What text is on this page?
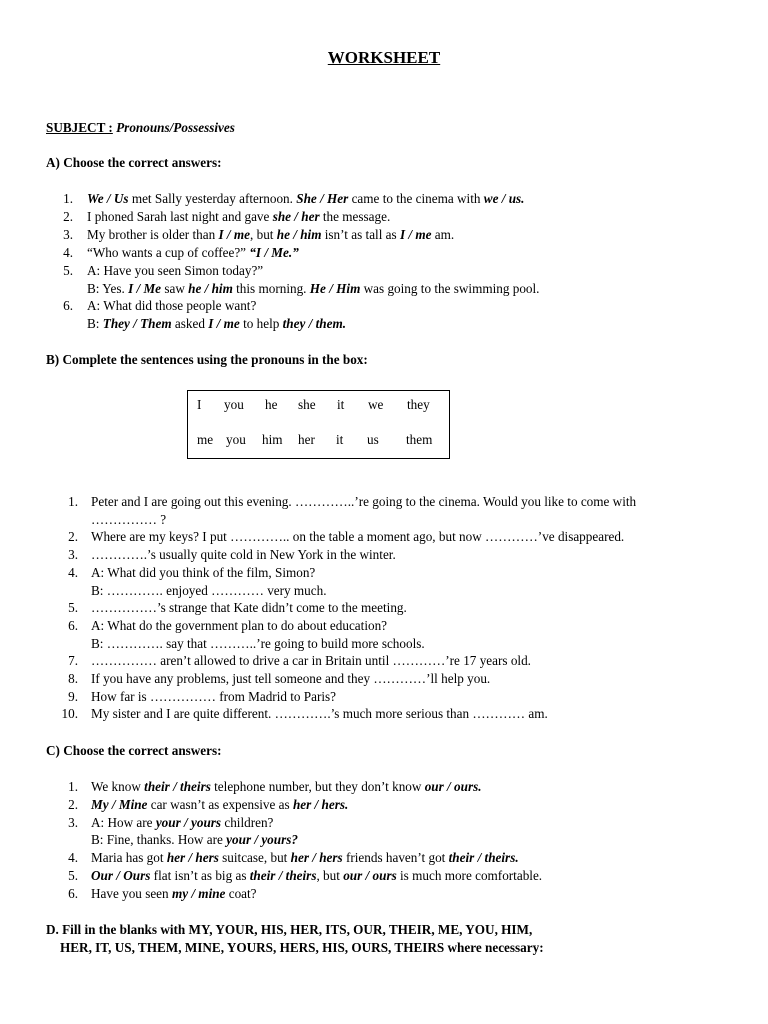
WORKSHEET
SUBJECT : Pronouns/Possessives
A) Choose the correct answers:
1. We / Us met Sally yesterday afternoon. She / Her came to the cinema with we / us.
2. I phoned Sarah last night and gave she / her the message.
3. My brother is older than I / me, but he / him isn’t as tall as I / me am.
4. “Who wants a cup of coffee?” “I / Me.”
5. A: Have you seen Simon today?”
B: Yes. I / Me saw he / him this morning. He / Him was going to the swimming pool.
6. A: What did those people want?
B: They / Them asked I / me to help they / them.
B) Complete the sentences using the pronouns in the box:
I you he she it we they
me you him her it us them
1. Peter and I are going out this evening. …………..’re going to the cinema. Would you like to come with
…………… ?
2. Where are my keys? I put ………….. on the table a moment ago, but now …………’ve disappeared.
3. ………….’s usually quite cold in New York in the winter.
4. A: What did you think of the film, Simon?
B: …………. enjoyed ………… very much.
5. ……………’s strange that Kate didn’t come to the meeting.
6. A: What do the government plan to do about education?
B: …………. say that ………..’re going to build more schools.
7. …………… aren’t allowed to drive a car in Britain until …………’re 17 years old.
8. If you have any problems, just tell someone and they …………’ll help you.
9. How far is …………… from Madrid to Paris?
10. My sister and I are quite different. ………….’s much more serious than ………… am.
C) Choose the correct answers:
1. We know their / theirs telephone number, but they don’t know our / ours.
2. My / Mine car wasn’t as expensive as her / hers.
3. A: How are your / yours children?
B: Fine, thanks. How are your / yours?
4. Maria has got her / hers suitcase, but her / hers friends haven’t got their / theirs.
5. Our / Ours flat isn’t as big as their / theirs, but our / ours is much more comfortable.
6. Have you seen my / mine coat?
D. Fill in the blanks with MY, YOUR, HIS, HER, ITS, OUR, THEIR, ME, YOU, HIM,
HER, IT, US, THEM, MINE, YOURS, HERS, HIS, OURS, THEIRS where necessary:
